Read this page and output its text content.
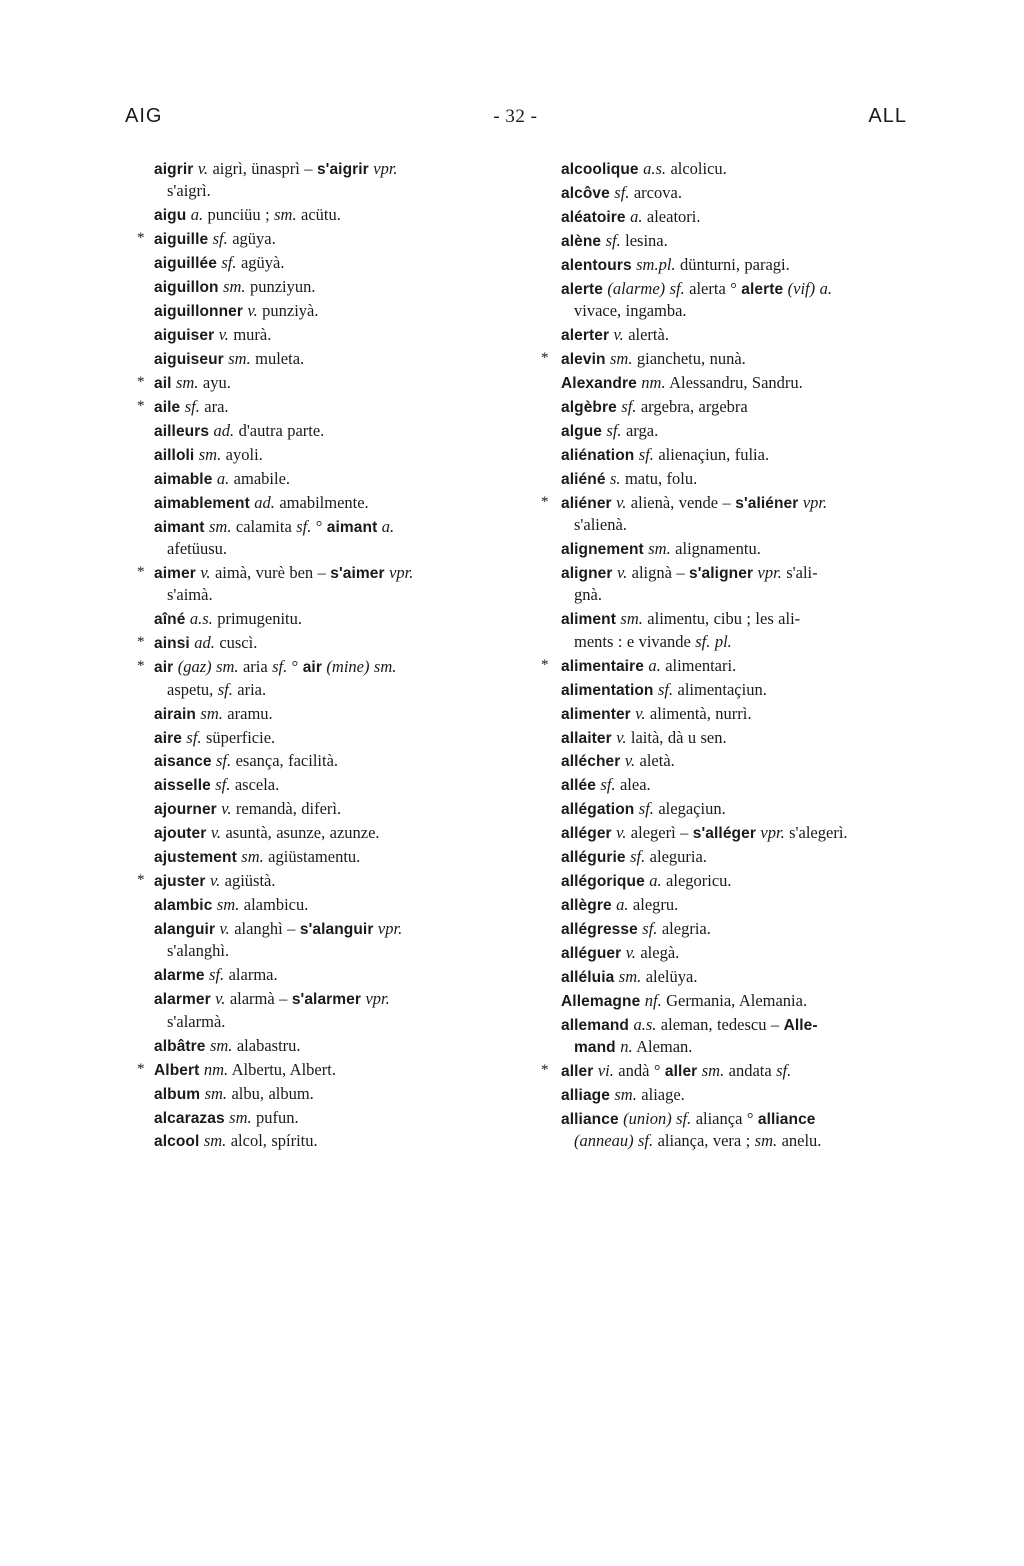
AIG	- 32 -	ALL
aigrir v. aigrì, ünasprì – s'aigrir vpr.
s'aigrì.
aigu a. punciüu ; sm. acütu.
* aiguille sf. agüya.
aiguillée sf. agüyà.
aiguillon sm. punziyun.
aiguillonner v. punziyà.
aiguiser v. murà.
aiguiseur sm. muleta.
* ail sm. ayu.
* aile sf. ara.
ailleurs ad. d'autra parte.
ailloli sm. ayoli.
aimable a. amabile.
aimablement ad. amabilmente.
aimant sm. calamita sf. ° aimant a.
afetüusu.
* aimer v. aimà, vurè ben – s'aimer vpr.
s'aimà.
aîné a.s. primugenitu.
* ainsi ad. cuscì.
* air (gaz) sm. aria sf. ° air (mine) sm.
aspetu, sf. aria.
airain sm. aramu.
aire sf. süperficie.
aisance sf. esança, facilità.
aisselle sf. ascela.
ajourner v. remandà, diferì.
ajouter v. asuntà, asunze, azunze.
ajustement sm. agiüstamentu.
* ajuster v. agiüstà.
alambic sm. alambicu.
alanguir v. alanghì – s'alanguir vpr.
s'alanghì.
alarme sf. alarma.
alarmer v. alarmà – s'alarmer vpr.
s'alarmà.
albâtre sm. alabastru.
* Albert nm. Albertu, Albert.
album sm. albu, album.
alcarazas sm. pufun.
alcool sm. alcol, spíritu.
alcoolique a.s. alcolicu.
alcôve sf. arcova.
aléatoire a. aleatori.
alène sf. lesina.
alentours sm.pl. dünturni, paragi.
alerte (alarme) sf. alerta ° alerte (vif) a.
vivace, ingamba.
alerter v. alertà.
* alevin sm. gianchetu, nunà.
Alexandre nm. Alessandru, Sandru.
algèbre sf. argebra, argebra
algue sf. arga.
aliénation sf. alienaçiun, fulia.
aliéné s. matu, folu.
* aliéner v. alienà, vende – s'aliéner vpr.
s'alienà.
alignement sm. alignamentu.
aligner v. alignà – s'aligner vpr. s'ali-
gnà.
aliment sm. alimentu, cibu ; les ali-
ments : e vivande sf. pl.
* alimentaire a. alimentari.
alimentation sf. alimentaçiun.
alimenter v. alimentà, nurrì.
allaiter v. laità, dà u sen.
allécher v. aletà.
allée sf. alea.
allégation sf. alegaçiun.
alléger v. alegerì – s'alléger vpr. s'alegerì.
allégurie sf. aleguria.
allégorique a. alegoricu.
allègre a. alegru.
allégresse sf. alegria.
alléguer v. alegà.
alléluia sm. alelüya.
Allemagne nf. Germania, Alemania.
allemand a.s. aleman, tedescu – Alle-
mand n. Aleman.
* aller vi. andà ° aller sm. andata sf.
alliage sm. aliage.
alliance (union) sf. aliança ° alliance
(anneau) sf. aliança, vera ; sm. anelu.
